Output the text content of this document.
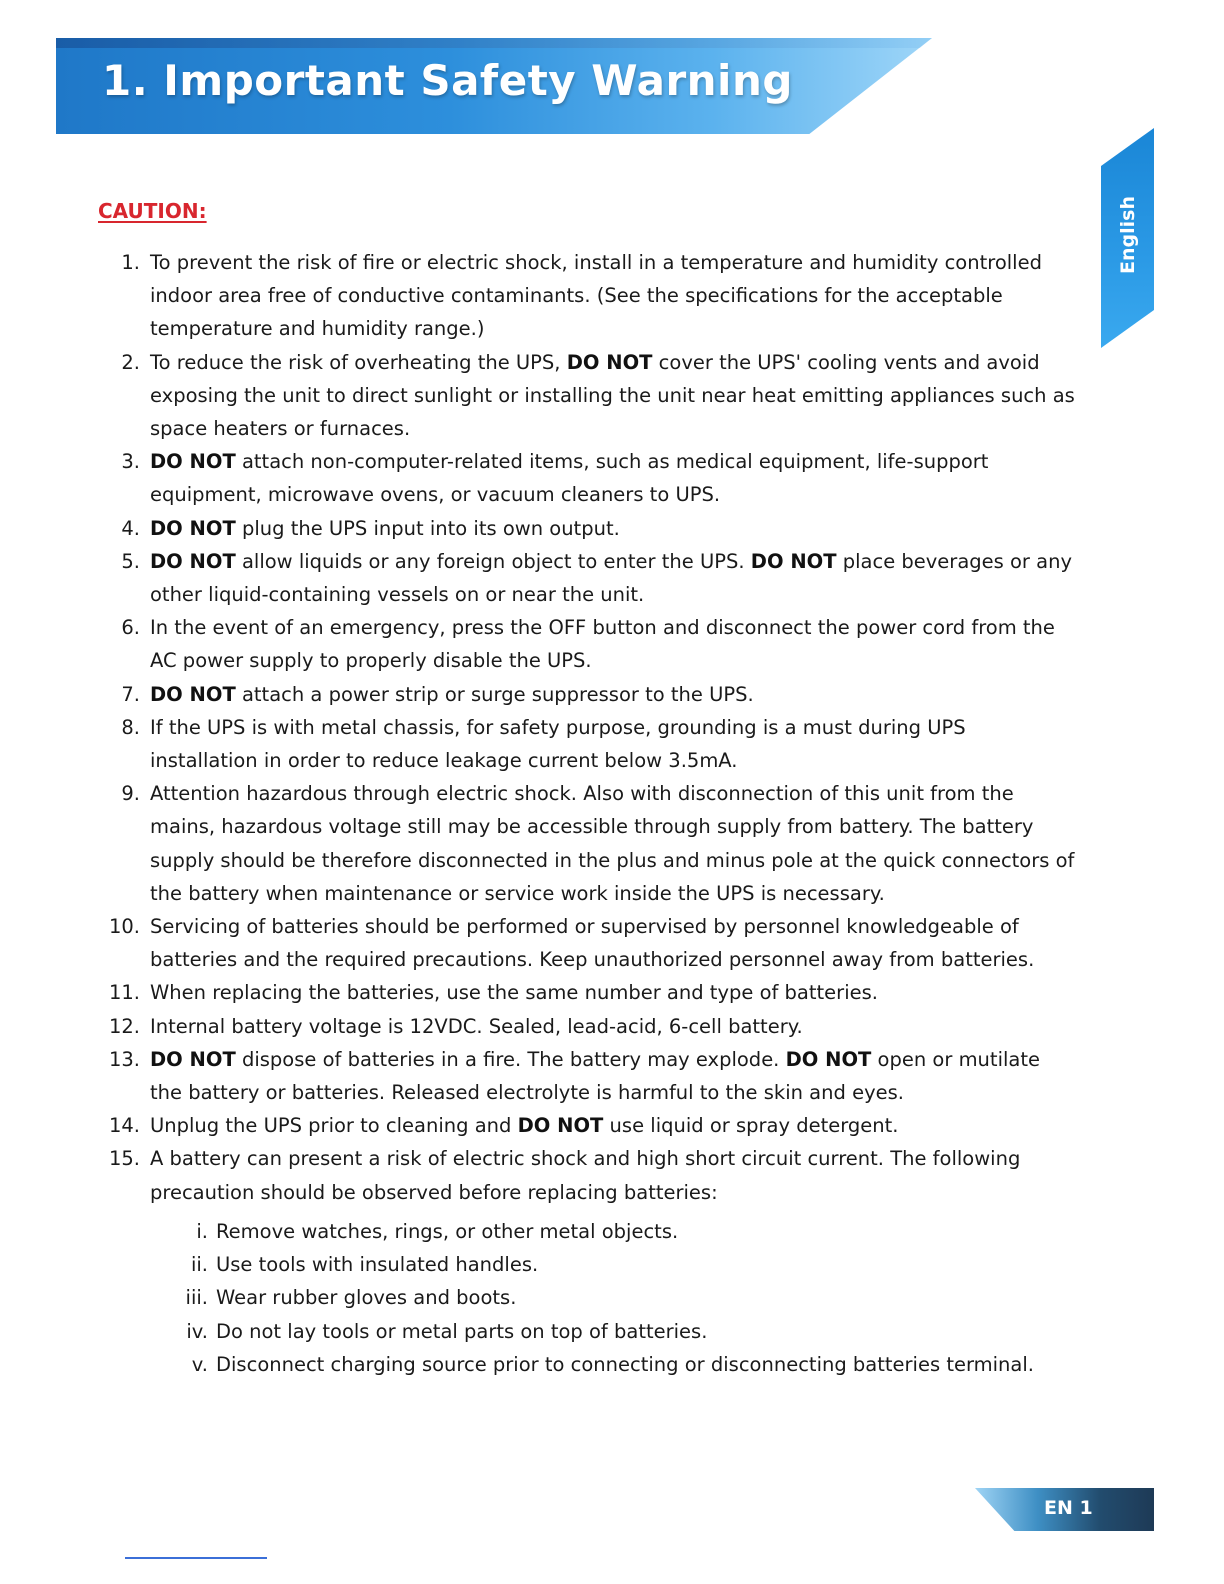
1. Important Safety Warning
English
CAUTION:
1. To prevent the risk of fire or electric shock, install in a temperature and humidity controlled indoor area free of conductive contaminants. (See the specifications for the acceptable temperature and humidity range.)
2. To reduce the risk of overheating the UPS, DO NOT cover the UPS' cooling vents and avoid exposing the unit to direct sunlight or installing the unit near heat emitting appliances such as space heaters or furnaces.
3. DO NOT attach non-computer-related items, such as medical equipment, life-support equipment, microwave ovens, or vacuum cleaners to UPS.
4. DO NOT plug the UPS input into its own output.
5. DO NOT allow liquids or any foreign object to enter the UPS. DO NOT place beverages or any other liquid-containing vessels on or near the unit.
6. In the event of an emergency, press the OFF button and disconnect the power cord from the AC power supply to properly disable the UPS.
7. DO NOT attach a power strip or surge suppressor to the UPS.
8. If the UPS is with metal chassis, for safety purpose, grounding is a must during UPS installation in order to reduce leakage current below 3.5mA.
9. Attention hazardous through electric shock. Also with disconnection of this unit from the mains, hazardous voltage still may be accessible through supply from battery. The battery supply should be therefore disconnected in the plus and minus pole at the quick connectors of the battery when maintenance or service work inside the UPS is necessary.
10. Servicing of batteries should be performed or supervised by personnel knowledgeable of batteries and the required precautions. Keep unauthorized personnel away from batteries.
11. When replacing the batteries, use the same number and type of batteries.
12. Internal battery voltage is 12VDC. Sealed, lead-acid, 6-cell battery.
13. DO NOT dispose of batteries in a fire. The battery may explode. DO NOT open or mutilate the battery or batteries. Released electrolyte is harmful to the skin and eyes.
14. Unplug the UPS prior to cleaning and DO NOT use liquid or spray detergent.
15. A battery can present a risk of electric shock and high short circuit current. The following precaution should be observed before replacing batteries:
i. Remove watches, rings, or other metal objects.
ii. Use tools with insulated handles.
iii. Wear rubber gloves and boots.
iv. Do not lay tools or metal parts on top of batteries.
v. Disconnect charging source prior to connecting or disconnecting batteries terminal.
EN 1
